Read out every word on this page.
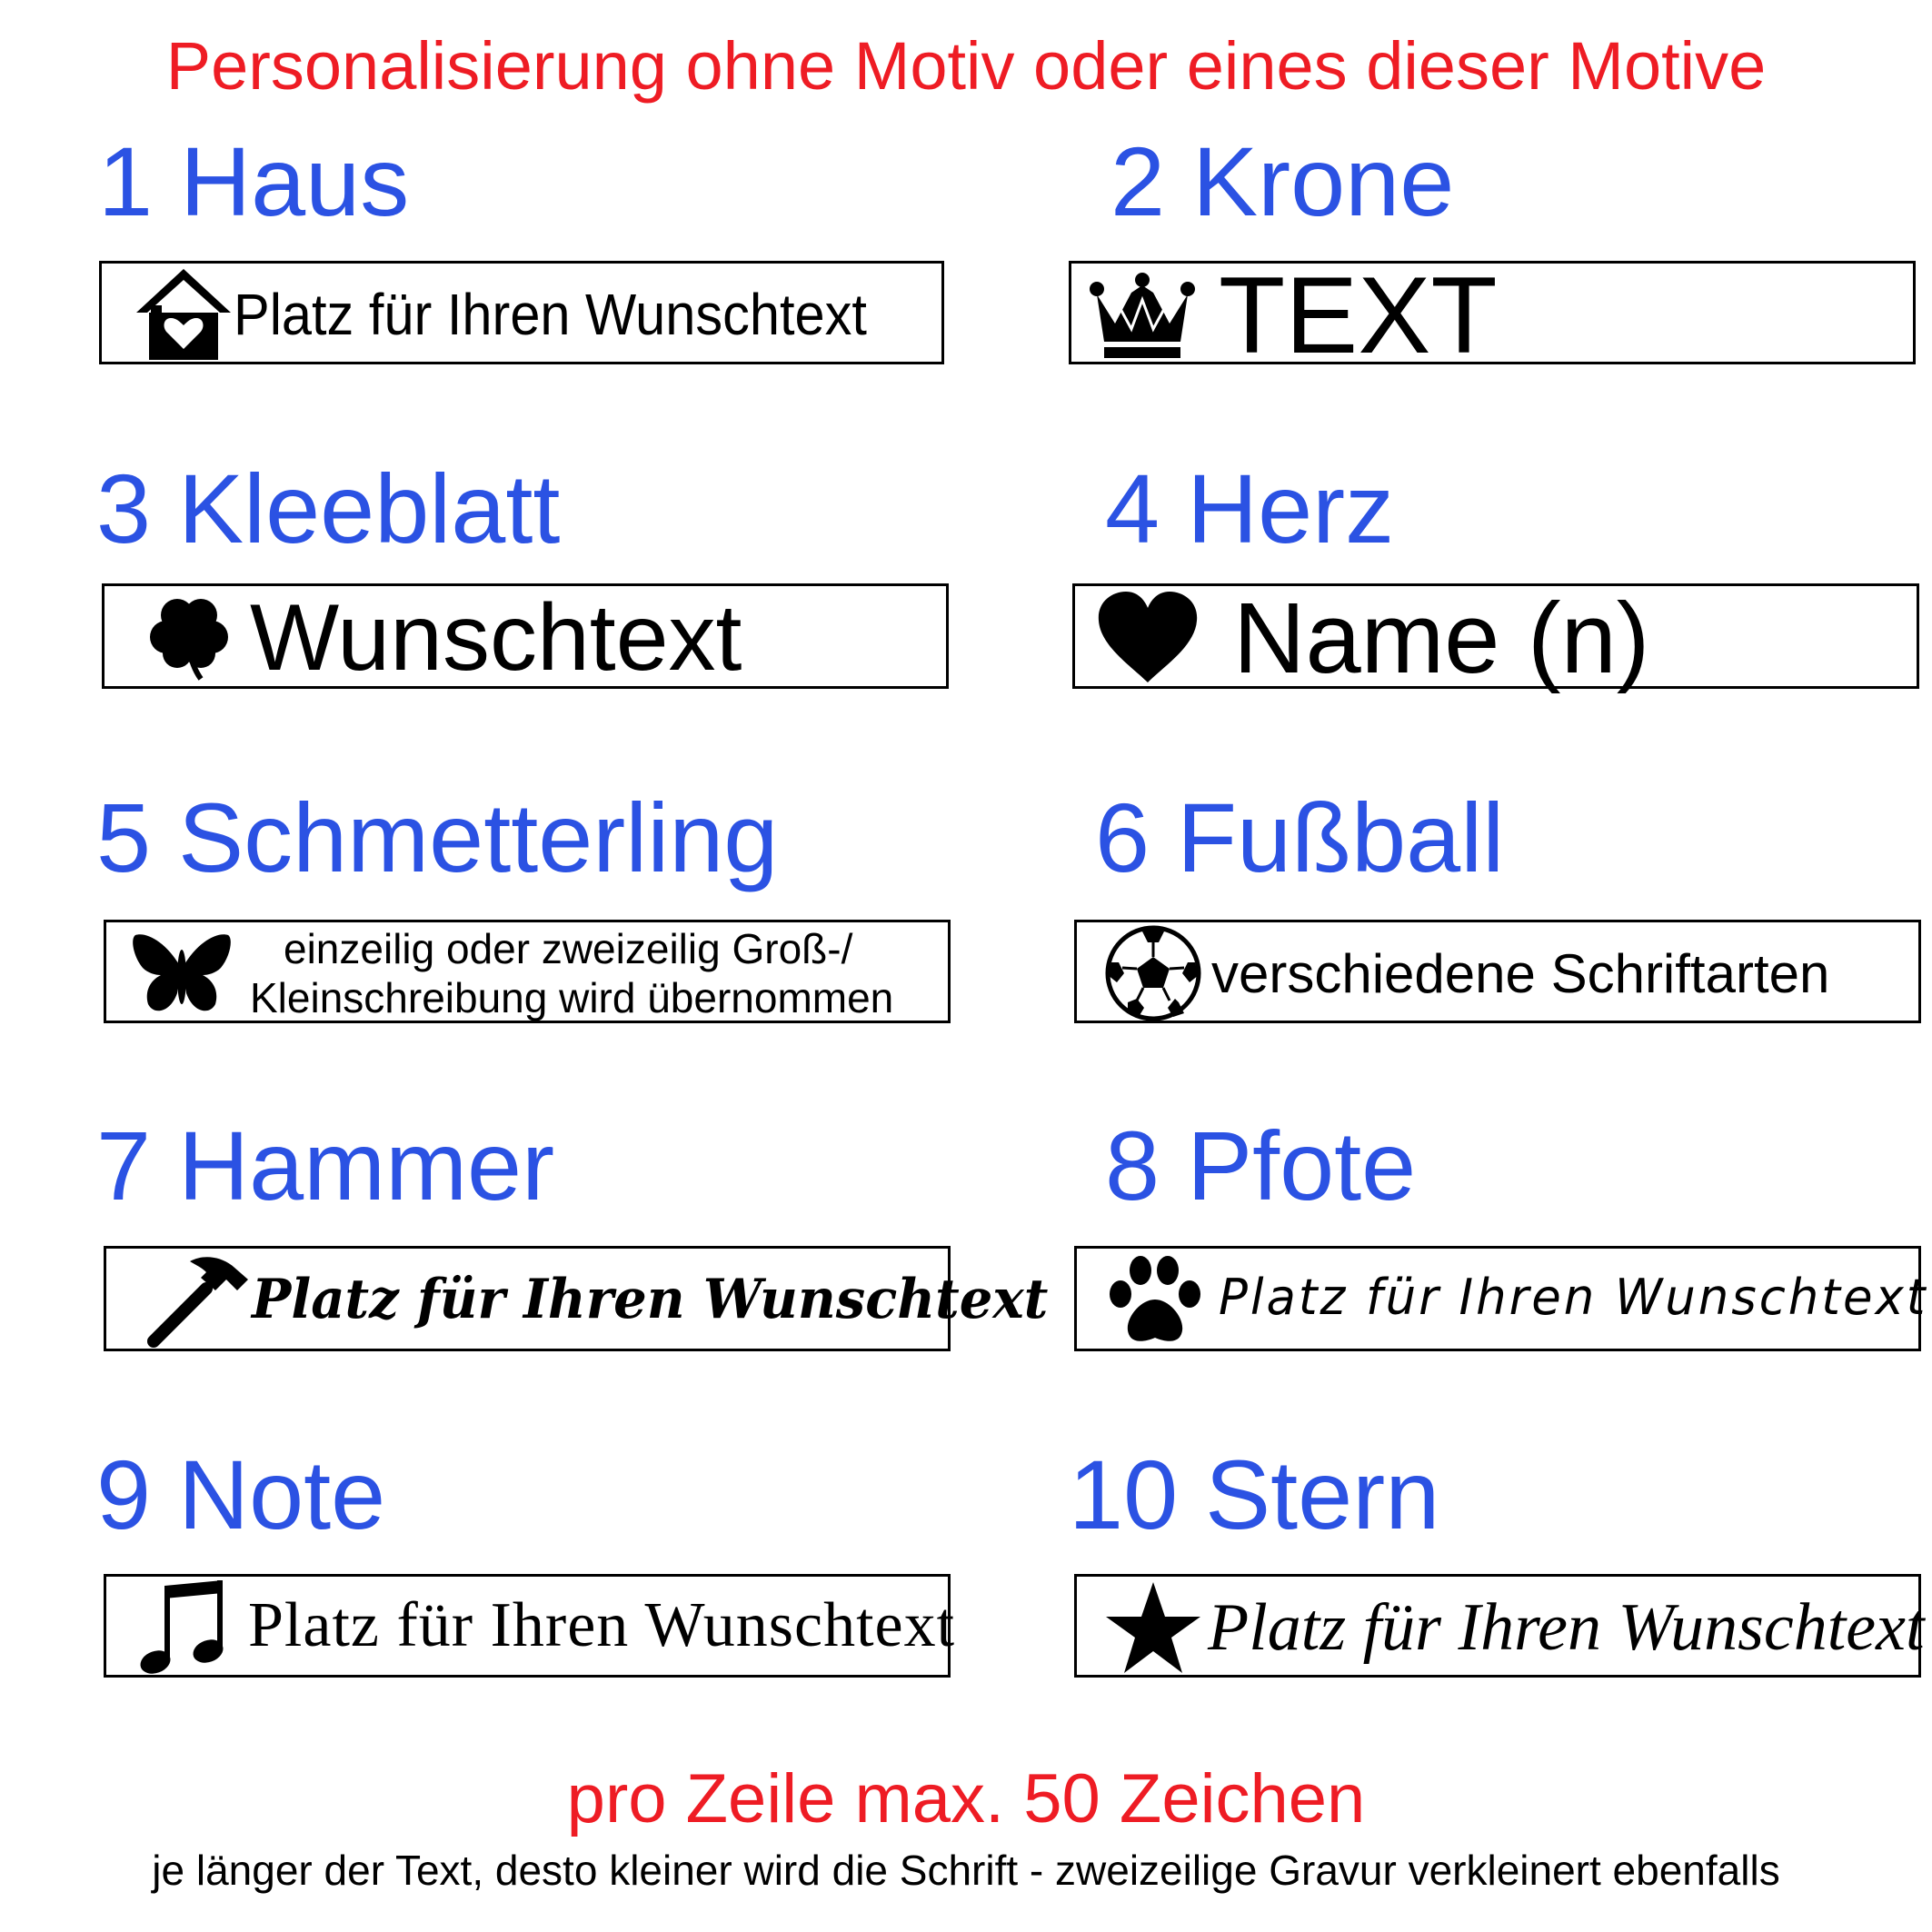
Personalisierung ohne Motiv oder eines dieser Motive
1 Haus
Platz für Ihren Wunschtext
2 Krone
TEXT
3 Kleeblatt
Wunschtext
4 Herz
Name (n)
5 Schmetterling
einzeilig oder zweizeilig Groß-/
Kleinschreibung wird übernommen
6 Fußball
verschiedene Schriftarten
7 Hammer
Platz für Ihren Wunschtext
8 Pfote
Platz für Ihren Wunschtext
9 Note
Platz für Ihren Wunschtext
10 Stern
Platz für Ihren Wunschtext
pro Zeile max. 50 Zeichen
je länger der Text, desto kleiner wird die Schrift - zweizeilige Gravur verkleinert ebenfalls
